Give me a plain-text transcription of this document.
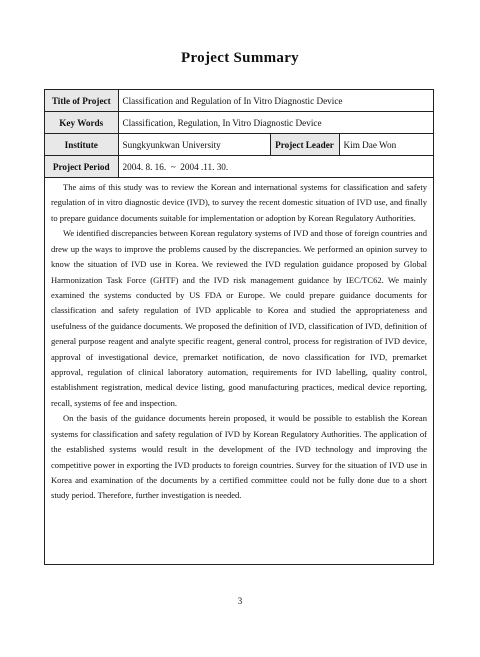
Project Summary
Title of Project	Classification and Regulation of In Vitro Diagnostic Device		
Key Words	Classification, Regulation, In Vitro Diagnostic Device		
Institute	Sungkyunkwan University	Project Leader	Kim Dae Won
Project Period	2004. 8. 16.  ~  2004 .11. 30.		

The aims of this study was to review the Korean and international systems for classification and safety regulation of in vitro diagnostic device (IVD), to survey the recent domestic situation of IVD use, and finally to prepare guidance documents suitable for implementation or adoption by Korean Regulatory Authorities.

We identified discrepancies between Korean regulatory systems of IVD and those of foreign countries and drew up the ways to improve the problems caused by the discrepancies. We performed an opinion survey to know the situation of IVD use in Korea. We reviewed the IVD regulation guidance proposed by Global Harmonization Task Force (GHTF) and the IVD risk management guidance by IEC/TC62. We mainly examined the systems conducted by US FDA or Europe. We could prepare guidance documents for classification and safety regulation of IVD applicable to Korea and studied the appropriateness and usefulness of the guidance documents. We proposed the definition of IVD, classification of IVD, definition of general purpose reagent and analyte specific reagent, general control, process for registration of IVD device, approval of investigational device, premarket notification, de novo classification for IVD, premarket approval, regulation of clinical laboratory automation, requirements for IVD labelling, quality control, establishment registration, medical device listing, good manufacturing practices, medical device reporting, recall, systems of fee and inspection.

On the basis of the guidance documents herein proposed, it would be possible to establish the Korean systems for classification and safety regulation of IVD by Korean Regulatory Authorities. The application of the established systems would result in the development of the IVD technology and improving the competitive power in exporting the IVD products to foreign countries. Survey for the situation of IVD use in Korea and examination of the documents by a certified committee could not be fully done due to a short study period. Therefore, further investigation is needed.

3
